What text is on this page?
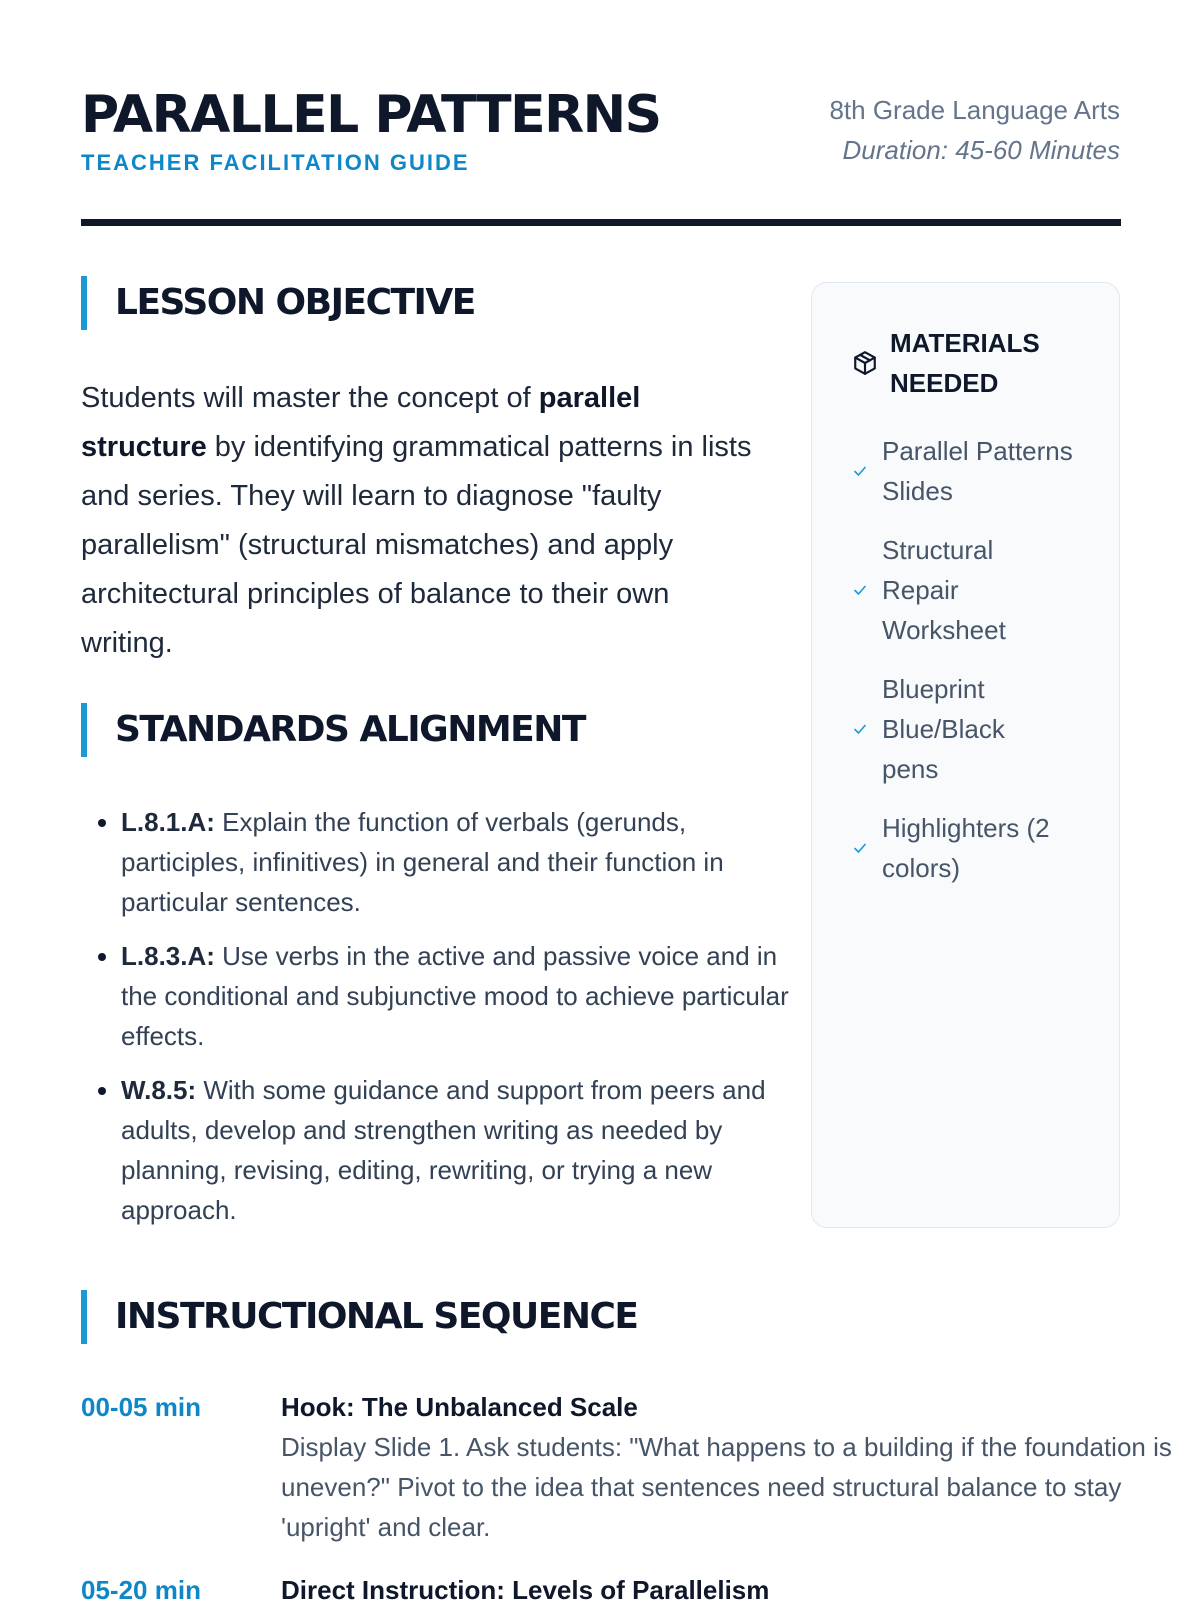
PARALLEL PATTERNS
TEACHER FACILITATION GUIDE
8th Grade Language Arts
Duration: 45-60 Minutes
LESSON OBJECTIVE

Students will master the concept of parallel structure by identifying grammatical patterns in lists and series. They will learn to diagnose "faulty parallelism" (structural mismatches) and apply architectural principles of balance to their own writing.

STANDARDS ALIGNMENT
• L.8.1.A: Explain the function of verbals (gerunds, participles, infinitives) in general and their function in particular sentences.
• L.8.3.A: Use verbs in the active and passive voice and in the conditional and subjunctive mood to achieve particular effects.
• W.8.5: With some guidance and support from peers and adults, develop and strengthen writing as needed by planning, revising, editing, rewriting, or trying a new approach.
MATERIALS NEEDED
Parallel Patterns Slides
Structural Repair Worksheet
Blueprint Blue/Black pens
Highlighters (2 colors)
INSTRUCTIONAL SEQUENCE
00-05 min	Hook: The Unbalanced Scale
Display Slide 1. Ask students: "What happens to a building if the foundation is uneven?" Pivot to the idea that sentences need structural balance to stay 'upright' and clear.
05-20 min	Direct Instruction: Levels of Parallelism
